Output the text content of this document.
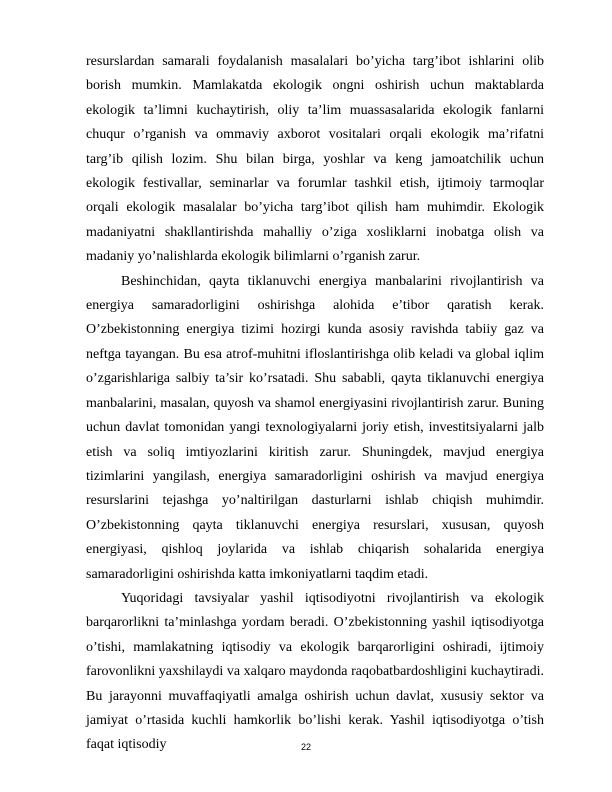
resurslardan samarali foydalanish masalalari bo’yicha targ’ibot ishlarini olib borish mumkin. Mamlakatda ekologik ongni oshirish uchun maktablarda ekologik ta’limni kuchaytirish, oliy ta’lim muassasalarida ekologik fanlarni chuqur o’rganish va ommaviy axborot vositalari orqali ekologik ma’rifatni targ’ib qilish lozim. Shu bilan birga, yoshlar va keng jamoatchilik uchun ekologik festivallar, seminarlar va forumlar tashkil etish, ijtimoiy tarmoqlar orqali ekologik masalalar bo’yicha targ’ibot qilish ham muhimdir. Ekologik madaniyatni shakllantirishda mahalliy o’ziga xosliklarni inobatga olish va madaniy yo’nalishlarda ekologik bilimlarni o’rganish zarur.

Beshinchidan, qayta tiklanuvchi energiya manbalarini rivojlantirish va energiya samaradorligini oshirishga alohida e’tibor qaratish kerak. O’zbekistonning energiya tizimi hozirgi kunda asosiy ravishda tabiiy gaz va neftga tayangan. Bu esa atrof-muhitni ifloslantirishga olib keladi va global iqlim o’zgarishlariga salbiy ta’sir ko’rsatadi. Shu sababli, qayta tiklanuvchi energiya manbalarini, masalan, quyosh va shamol energiyasini rivojlantirish zarur. Buning uchun davlat tomonidan yangi texnologiyalarni joriy etish, investitsiyalarni jalb etish va soliq imtiyozlarini kiritish zarur. Shuningdek, mavjud energiya tizimlarini yangilash, energiya samaradorligini oshirish va mavjud energiya resurslarini tejashga yo’naltirilgan dasturlarni ishlab chiqish muhimdir. O’zbekistonning qayta tiklanuvchi energiya resurslari, xususan, quyosh energiyasi, qishloq joylarida va ishlab chiqarish sohalarida energiya samaradorligini oshirishda katta imkoniyatlarni taqdim etadi.

Yuqoridagi tavsiyalar yashil iqtisodiyotni rivojlantirish va ekologik barqarorlikni ta’minlashga yordam beradi. O’zbekistonning yashil iqtisodiyotga o’tishi, mamlakatning iqtisodiy va ekologik barqarorligini oshiradi, ijtimoiy farovonlikni yaxshilaydi va xalqaro maydonda raqobatbardoshligini kuchaytiradi. Bu jarayonni muvaffaqiyatli amalga oshirish uchun davlat, xususiy sektor va jamiyat o’rtasida kuchli hamkorlik bo’lishi kerak. Yashil iqtisodiyotga o’tish faqat iqtisodiy	22
